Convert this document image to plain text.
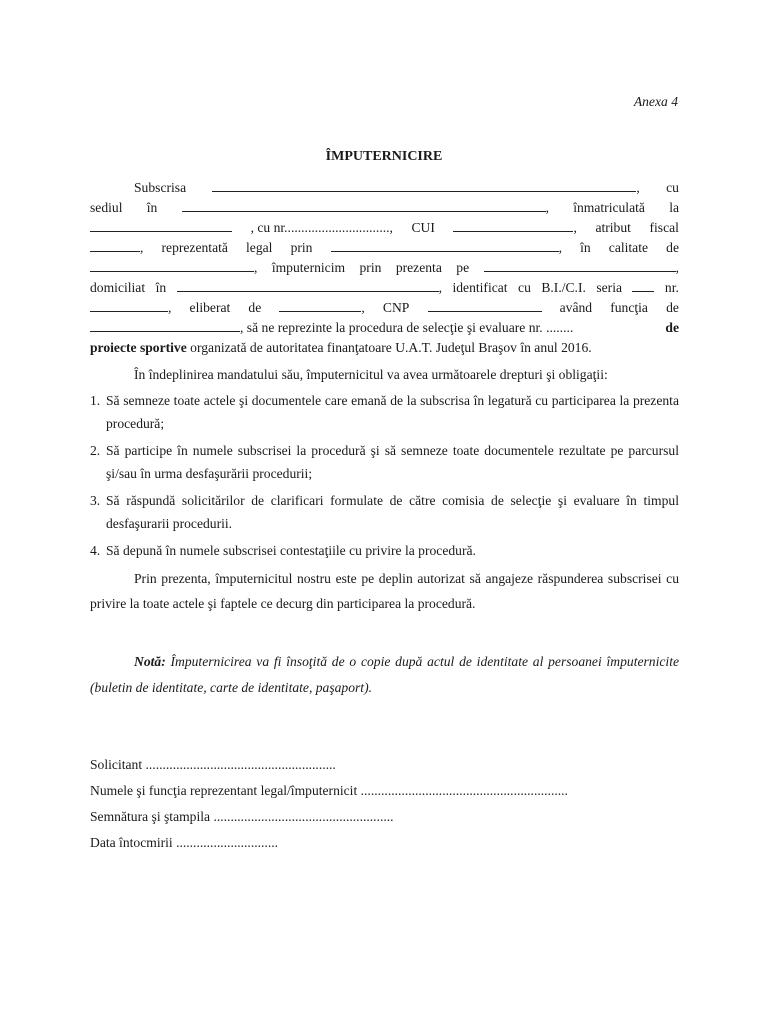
Anexa 4
ÎMPUTERNICIRE
Subscrisa	, cu
sediul în	, înmatriculată la
, cu nr..............................., CUI	, atribut fiscal
, reprezentată legal prin	, în calitate de
, împuternicim prin prezenta pe	,
domiciliat în	, identificat cu B.I./C.I. seria	nr.
, eliberat de	, CNP	având funcţia de
, să ne reprezinte la procedura de selecţie şi evaluare nr. ........	de
proiecte sportive organizată de autoritatea finanţatoare U.A.T. Judeţul Braşov în anul 2016.

În îndeplinirea mandatului său, împuternicitul va avea următoarele drepturi şi obligaţii:

1. Să semneze toate actele şi documentele care emană de la subscrisa în legatură cu participarea la prezenta procedură;
2. Să participe în numele subscrisei la procedură şi să semneze toate documentele rezultate pe parcursul şi/sau în urma desfaşurării procedurii;
3. Să răspundă solicitărilor de clarificari formulate de către comisia de selecţie şi evaluare în timpul desfaşurarii procedurii.
4. Să depună în numele subscrisei contestaţiile cu privire la procedură.

Prin prezenta, împuternicitul nostru este pe deplin autorizat să angajeze răspunderea subscrisei cu privire la toate actele şi faptele ce decurg din participarea la procedură.

Notă: Împuternicirea va fi însoţită de o copie după actul de identitate al persoanei împuternicite (buletin de identitate, carte de identitate, paşaport).
Solicitant ........................................................
Numele şi funcţia reprezentant legal/împuternicit .............................................................
Semnătura şi ştampila .....................................................
Data întocmirii ..............................
